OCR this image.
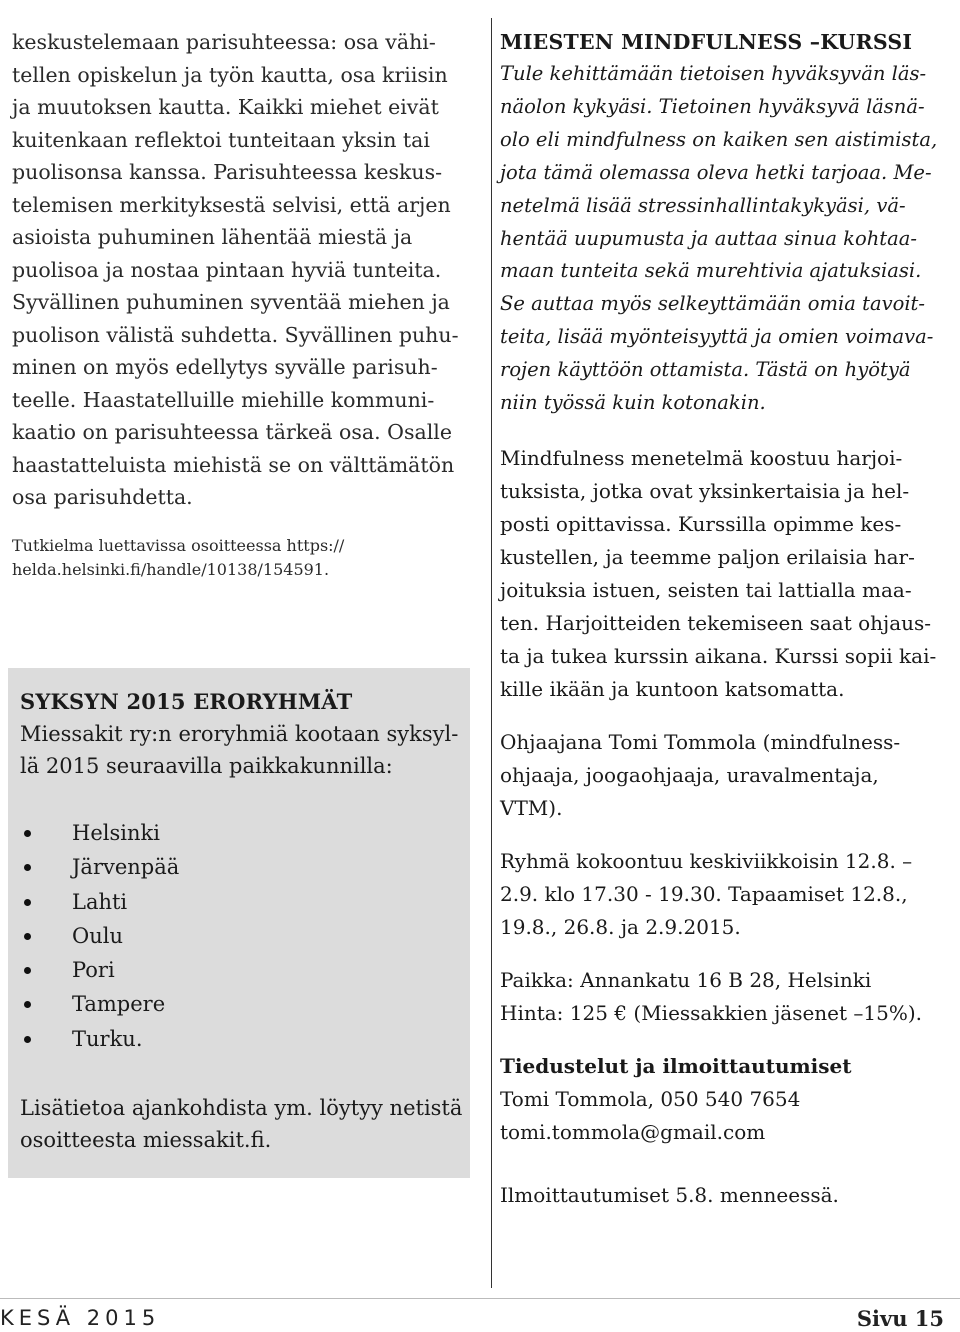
keskustelemaan parisuhteessa: osa vähi-
tellen opiskelun ja työn kautta, osa kriisin
ja muutoksen kautta. Kaikki miehet eivät
kuitenkaan reflektoi tunteitaan yksin tai
puolisonsa kanssa. Parisuhteessa keskus-
telemisen merkityksestä selvisi, että arjen
asioista puhuminen lähentää miestä ja
puolisoa ja nostaa pintaan hyviä tunteita.
Syvällinen puhuminen syventää miehen ja
puolison välistä suhdetta. Syvällinen puhu-
minen on myös edellytys syvälle parisuh-
teelle. Haastatelluille miehille kommuni-
kaatio on parisuhteessa tärkeä osa. Osalle
haastatteluista miehistä se on välttämätön
osa parisuhdetta.

Tutkielma luettavissa osoitteessa https://
helda.helsinki.fi/handle/10138/154591.
SYKSYN 2015 ERORYHMÄT
Miessakit ry:n eroryhmiä kootaan syksyl-
lä 2015 seuraavilla paikkakunnilla:
Helsinki
Järvenpää
Lahti
Oulu
Pori
Tampere
Turku.
Lisätietoa ajankohdista ym. löytyy netistä
osoitteesta miessakit.fi.
MIESTEN MINDFULNESS –KURSSI
Tule kehittämään tietoisen hyväksyvän läs-
näolon kykyäsi. Tietoinen hyväksyvä läsnä-
olo eli mindfulness on kaiken sen aistimista,
jota tämä olemassa oleva hetki tarjoaa. Me-
netelmä lisää stressinhallintakykyäsi, vä-
hentää uupumusta ja auttaa sinua kohtaa-
maan tunteita sekä murehtivia ajatuksiasi.
Se auttaa myös selkeyttämään omia tavoit-
teita, lisää myönteisyyttä ja omien voimava-
rojen käyttöön ottamista. Tästä on hyötyä
niin työssä kuin kotonakin.

Mindfulness menetelmä koostuu harjoi-
tuksista, jotka ovat yksinkertaisia ja hel-
posti opittavissa. Kurssilla opimme kes-
kustellen, ja teemme paljon erilaisia har-
joituksia istuen, seisten tai lattialla maa-
ten. Harjoitteiden tekemiseen saat ohjaus-
ta ja tukea kurssin aikana. Kurssi sopii kai-
kille ikään ja kuntoon katsomatta.

Ohjaajana Tomi Tommola (mindfulness-
ohjaaja, joogaohjaaja, uravalmentaja,
VTM).

Ryhmä kokoontuu keskiviikkoisin 12.8. –
2.9. klo 17.30 - 19.30. Tapaamiset 12.8.,
19.8., 26.8. ja 2.9.2015.

Paikka: Annankatu 16 B 28, Helsinki
Hinta: 125 € (Miessakkien jäsenet –15%).

Tiedustelut ja ilmoittautumiset
Tomi Tommola, 050 540 7654
tomi.tommola@gmail.com

Ilmoittautumiset 5.8. menneessä.

KESÄ 2015	Sivu 15
